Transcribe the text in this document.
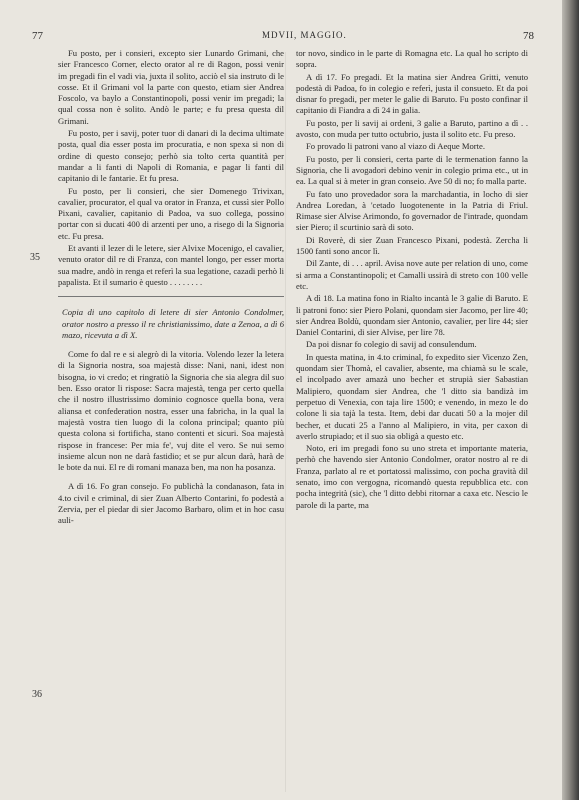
77	MDVII, MAGGIO.	78
35
36

Fu posto, per i consieri, excepto sier Lunardo Grimani, che sier Francesco Corner, electo orator al re di Ragon, possi venir im pregadi fin el vadi via, juxta il solito, acciò el sia instruto di le cosse. Et il Grimani vol la parte con questo, etiam sier Andrea Foscolo, va baylo a Constantinopoli, possi venir im pregadi; la qual cossa non è solito. Andò le parte; e fu presa questa dil Grimani.

Fu posto, per i savij, poter tuor di danari di la decima ultimate posta, qual dia esser posta im procuratia, e non spexa si non di ordine di questo consejo; perhò sia tolto certa quantità per mandar a li fanti di Napoli di Romania, e pagar li fanti dil capitanio di le fantarie. Et fu presa.

Fu posto, per li consieri, che sier Domenego Trivixan, cavalier, procurator, el qual va orator in Franza, et cussì sier Pollo Pixani, cavalier, capitanio di Padoa, va suo collega, possino portar con si ducati 400 di arzenti per uno, a risego di la Signoria etc. Fu presa.

Et avanti il lezer di le letere, sier Alvixe Mocenigo, el cavalier, venuto orator dil re di Franza, con mantel longo, per esser morta sua madre, andò in renga et referì la sua legatione, cazadi perhò li papalista. Et il sumario è questo . . . . . . . .

Copia di uno capitolo di letere di sier Antonio Condolmer, orator nostro a presso il re christianissimo, date a Zenoa, a dì 6 mazo, ricevuta a dì X.

Come fo dal re e si alegrò di la vitoria. Volendo lezer la letera di la Signoria nostra, soa majestà disse: Nani, nani, idest non bisogna, io vi credo; et ringratiò la Signoria che sia alegra dil suo ben. Esso orator li rispose: Sacra majestà, tenga per certo quella che il nostro illustrissimo dominio cognosce quella bona, vera aliansa et confederation nostra, esser una fabricha, in la qual la majestà vostra tien luogo di la colona principal; quanto più questa colona si fortificha, stano contenti et sicuri. Soa majestà rispose in francese: Per mia fe', vuj dite el vero. Se nui semo insieme alcun non ne darà fastidio; et se pur alcun darà, harà de le bote da nui. El re di romani manaza ben, ma non ha posanza.

A dì 16. Fo gran consejo. Fo publichà la condanason, fata in 4.to civil e criminal, di sier Zuan Alberto Contarini, fo podestà a Zervia, per el piedar di sier Jacomo Barbaro, olim et in hoc casu auli-

tor novo, sindico in le parte di Romagna etc. La qual ho scripto di sopra.

A dì 17. Fo pregadi. Et la matina sier Andrea Gritti, venuto podestà di Padoa, fo in colegio e referì, justa il consueto. Et da poi disnar fo pregadi, per meter le galie di Baruto. Fu posto confinar il capitanio di Fiandra a dì 24 in galia.

Fu posto, per li savij ai ordeni, 3 galie a Baruto, partino a dì . . avosto, con muda per tutto octubrio, justa il solito etc. Fu preso.

Fo provado li patroni vano al viazo di Aeque Morte.

Fu posto, per li consieri, certa parte di le termenation fanno la Signoria, che li avogadori debino venir in colegio prima etc., ut in ea. La qual si à meter in gran conseio. Ave 50 di no; fo malla parte.

Fu fato uno provedador sora la marchadantia, in locho di sier Andrea Loredan, à 'cetado luogotenente in la Patria di Friul. Rimase sier Alvise Arimondo, fo governador de l'intrade, quondam sier Piero; il scurtinio sarà di soto.

Di Roverè, di sier Zuan Francesco Pixani, podestà. Zercha li 1500 fanti sono ancor lì.

Dil Zante, di . . . april. Avisa nove aute per relation di uno, come si arma a Constantinopoli; et Camalli ussirà di streto con 100 velle etc.

A dì 18. La matina fono in Rialto incantà le 3 galie di Baruto. E li patroni fono: sier Piero Polani, quondam sier Jacomo, per lire 40; sier Andrea Boldù, quondam sier Antonio, cavalier, per lire 44; sier Daniel Contarini, di sier Alvise, per lire 78.

Da poi disnar fo colegio di savij ad consulendum.

In questa matina, in 4.to criminal, fo expedito sier Vicenzo Zen, quondam sier Thomà, el cavalier, absente, ma chiamà su le scale, el incolpado aver amazà uno becher et strupià sier Sabastian Malipiero, quondam sier Andrea, che 'l ditto sia bandizà im perpetuo di Venexia, con taja lire 1500; e venendo, in mezo le do colone li sia tajà la testa. Item, debi dar ducati 50 a la mojer dil becher, et ducati 25 a l'anno al Malipiero, in vita, per caxon di averlo strupiado; et il suo sia obligà a questo etc.

Noto, eri im pregadi fono su uno streta et importante materia, perhò che havendo sier Antonio Condolmer, orator nostro al re di Franza, parlato al re et portatossi malissimo, con pocha gravità dil senato, imo con vergogna, ricomandò questa repubblica etc. con pocha integrità (sic), che 'l ditto debbi ritornar a caxa etc. Nescio le parole di la parte, ma
